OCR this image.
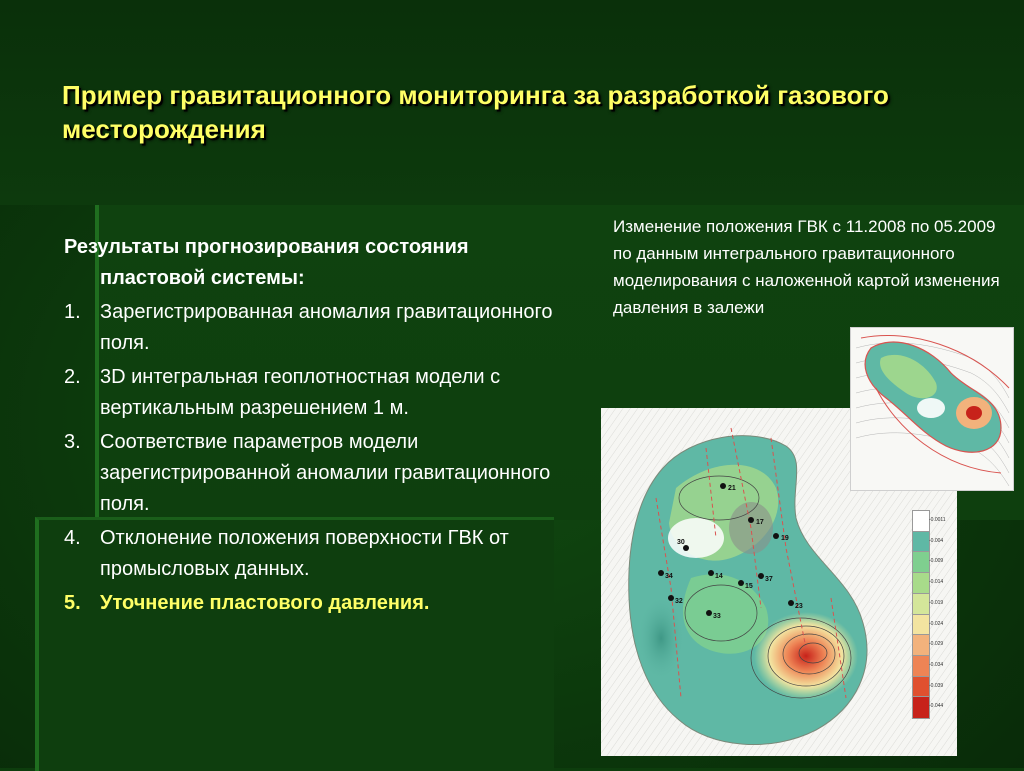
Пример гравитационного мониторинга за разработкой газового месторождения

Результаты прогнозирования состояния пластовой системы:

1. Зарегистрированная аномалия гравитационного поля.
2. 3D интегральная геоплотностная модели с вертикальным разрешением 1 м.
3. Соответствие параметров модели зарегистрированной аномалии гравитационного поля.
4. Отклонение положения поверхности ГВК от промысловых данных.
5. Уточнение пластового давления.
Изменение положения ГВК с 11.2008 по 05.2009 по данным интегрального гравитационного моделирования с наложенной картой изменения давления в залежи
21
17
19
30
14
15
34
33
32
23
37
-0.0011
-0.004
-0.009
-0.014
-0.019
-0.024
-0.029
-0.034
-0.039
-0.044
